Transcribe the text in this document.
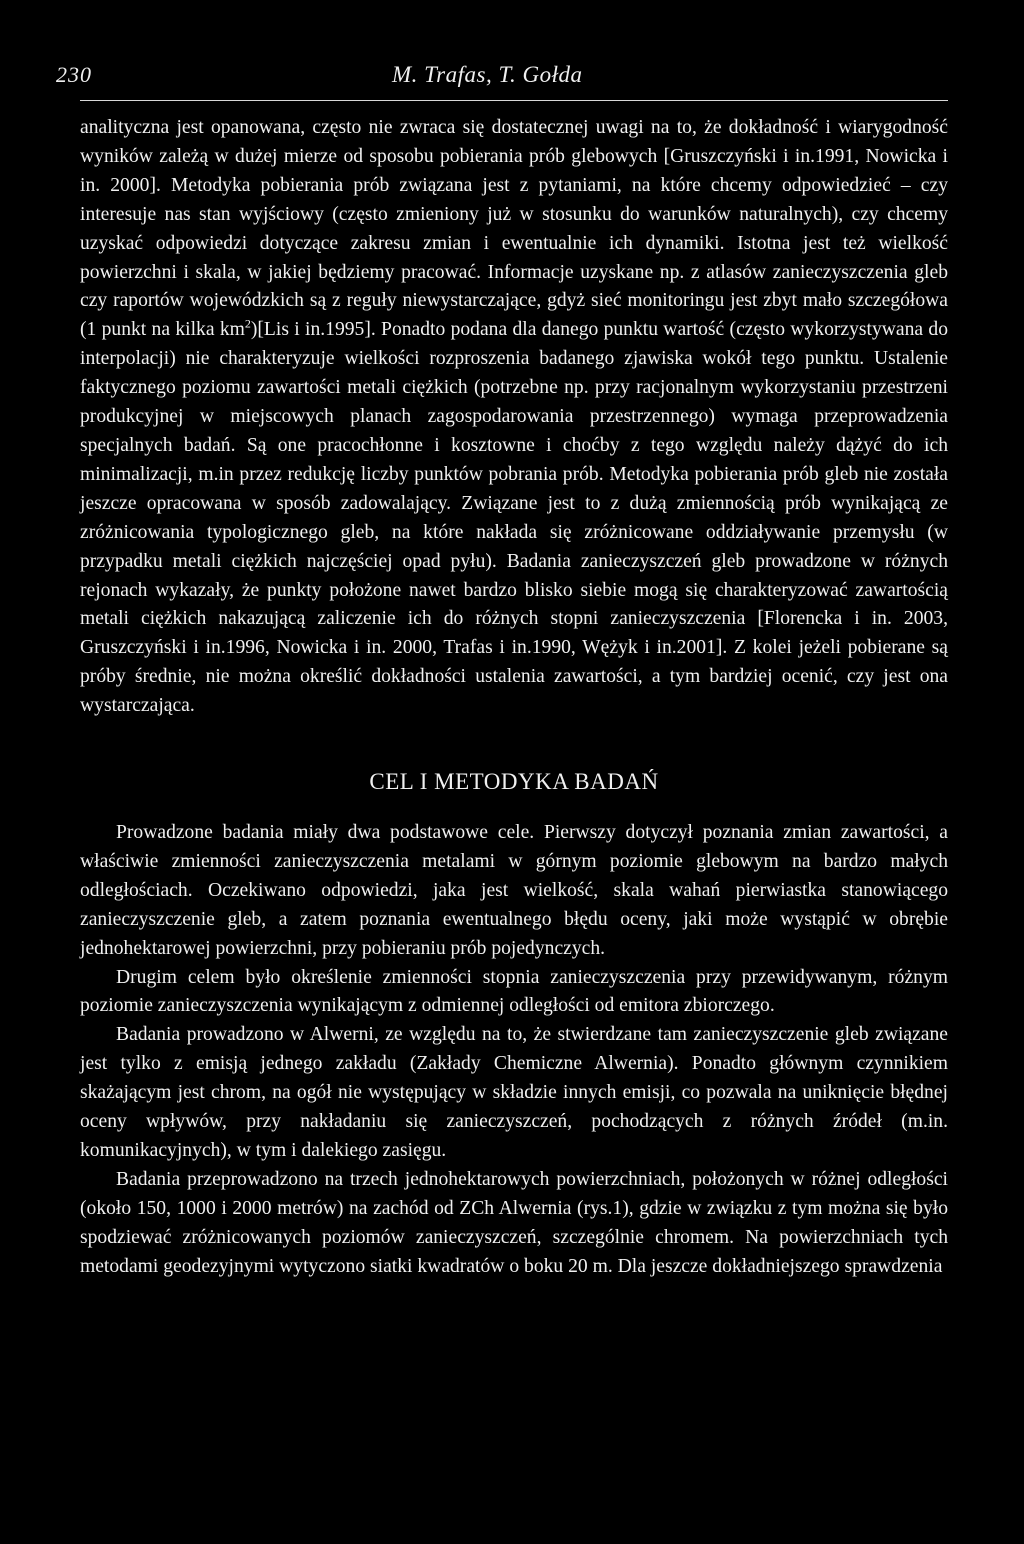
230	M. Trafas, T. Gołda

analityczna jest opanowana, często nie zwraca się dostatecznej uwagi na to, że dokładność i wiarygodność wyników zależą w dużej mierze od sposobu pobierania prób glebowych [Gruszczyński i in.1991, Nowicka i in. 2000]. Metodyka pobierania prób związana jest z pytaniami, na które chcemy odpowiedzieć – czy interesuje nas stan wyjściowy (często zmieniony już w stosunku do warunków naturalnych), czy chcemy uzyskać odpowiedzi dotyczące zakresu zmian i ewentualnie ich dynamiki. Istotna jest też wielkość powierzchni i skala, w jakiej będziemy pracować. Informacje uzyskane np. z atlasów zanieczyszczenia gleb czy raportów wojewódzkich są z reguły niewystarczające, gdyż sieć monitoringu jest zbyt mało szczegółowa (1 punkt na kilka $km^2)[Lis$ i in.1995]. Ponadto podana dla danego punktu wartość (często wykorzystywana do interpolacji) nie charakteryzuje wielkości rozproszenia badanego zjawiska wokół tego punktu. Ustalenie faktycznego poziomu zawartości metali ciężkich (potrzebne np. przy racjonalnym wykorzystaniu przestrzeni produkcyjnej w miejscowych planach zagospodarowania przestrzennego) wymaga przeprowadzenia specjalnych badań. Są one pracochłonne i kosztowne i choćby z tego względu należy dążyć do ich minimalizacji, m.in przez redukcję liczby punktów pobrania prób. Metodyka pobierania prób gleb nie została jeszcze opracowana w sposób zadowalający. Związane jest to z dużą zmiennością prób wynikającą ze zróżnicowania typologicznego gleb, na które nakłada się zróżnicowane oddziaływanie przemysłu (w przypadku metali ciężkich najczęściej opad pyłu). Badania zanieczyszczeń gleb prowadzone w różnych rejonach wykazały, że punkty położone nawet bardzo blisko siebie mogą się charakteryzować zawartością metali ciężkich nakazującą zaliczenie ich do różnych stopni zanieczyszczenia [Florencka i in. 2003, Gruszczyński i in.1996, Nowicka i in. 2000, Trafas i in.1990, Wężyk i in.2001]. Z kolei jeżeli pobierane są próby średnie, nie można określić dokładności ustalenia zawartości, a tym bardziej ocenić, czy jest ona wystarczająca.

CEL I METODYKA BADAŃ

Prowadzone badania miały dwa podstawowe cele. Pierwszy dotyczył poznania zmian zawartości, a właściwie zmienności zanieczyszczenia metalami w górnym poziomie glebowym na bardzo małych odległościach. Oczekiwano odpowiedzi, jaka jest wielkość, skala wahań pierwiastka stanowiącego zanieczyszczenie gleb, a zatem poznania ewentualnego błędu oceny, jaki może wystąpić w obrębie jednohektarowej powierzchni, przy pobieraniu prób pojedynczych.

Drugim celem było określenie zmienności stopnia zanieczyszczenia przy przewidywanym, różnym poziomie zanieczyszczenia wynikającym z odmiennej odległości od emitora zbiorczego.

Badania prowadzono w Alwerni, ze względu na to, że stwierdzane tam zanieczyszczenie gleb związane jest tylko z emisją jednego zakładu (Zakłady Chemiczne Alwernia). Ponadto głównym czynnikiem skażającym jest chrom, na ogół nie występujący w składzie innych emisji, co pozwala na uniknięcie błędnej oceny wpływów, przy nakładaniu się zanieczyszczeń, pochodzących z różnych źródeł (m.in. komunikacyjnych), w tym i dalekiego zasięgu.

Badania przeprowadzono na trzech jednohektarowych powierzchniach, położonych w różnej odległości (około 150, 1000 i 2000 metrów) na zachód od ZCh Alwernia (rys.1), gdzie w związku z tym można się było spodziewać zróżnicowanych poziomów zanieczyszczeń, szczególnie chromem. Na powierzchniach tych metodami geodezyjnymi wytyczono siatki kwadratów o boku 20 m. Dla jeszcze dokładniejszego sprawdzenia
